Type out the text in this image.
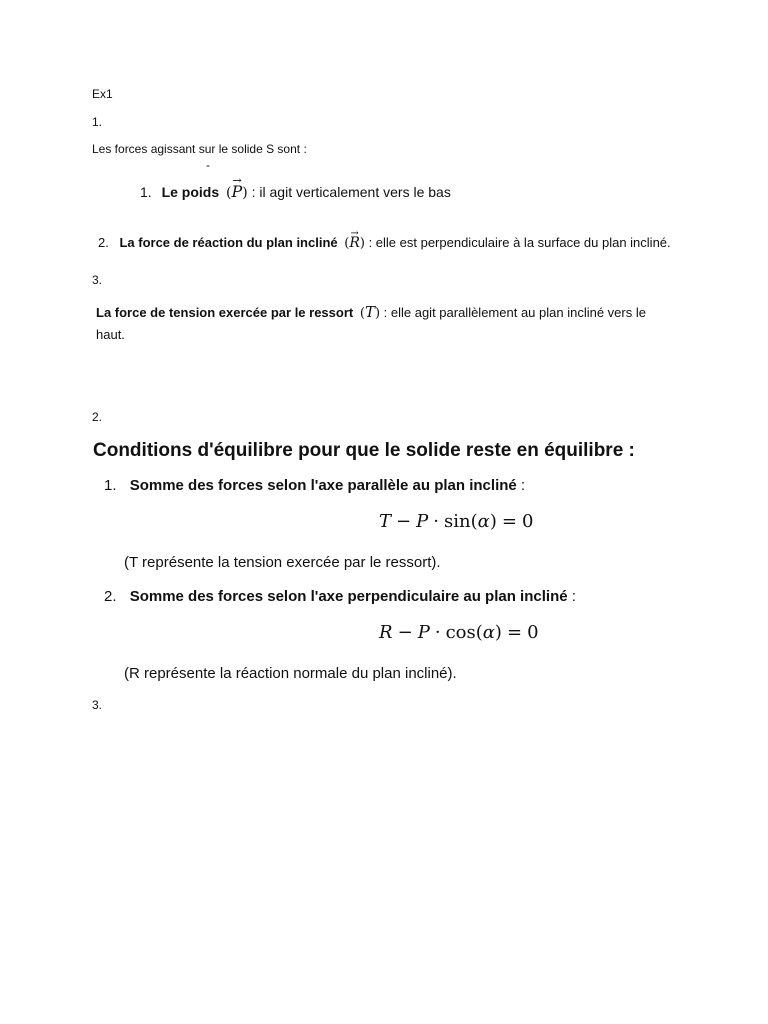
Ex1
1.
Les forces agissant sur le solide S sont :
-
1. Le poids (→ P) : il agit verticalement vers le bas
2. La force de réaction du plan incliné (→ R) : elle est perpendiculaire à la surface du plan incliné.
3.
La force de tension exercée par le ressort (T) : elle agit parallèlement au plan incliné vers le
haut.
2.
Conditions d'équilibre pour que le solide reste en équilibre :
1. Somme des forces selon l'axe parallèle au plan incliné :
T − P · sin(α) = 0
(T représente la tension exercée par le ressort).
2. Somme des forces selon l'axe perpendiculaire au plan incliné :
R − P · cos(α) = 0
(R représente la réaction normale du plan incliné).
3.
